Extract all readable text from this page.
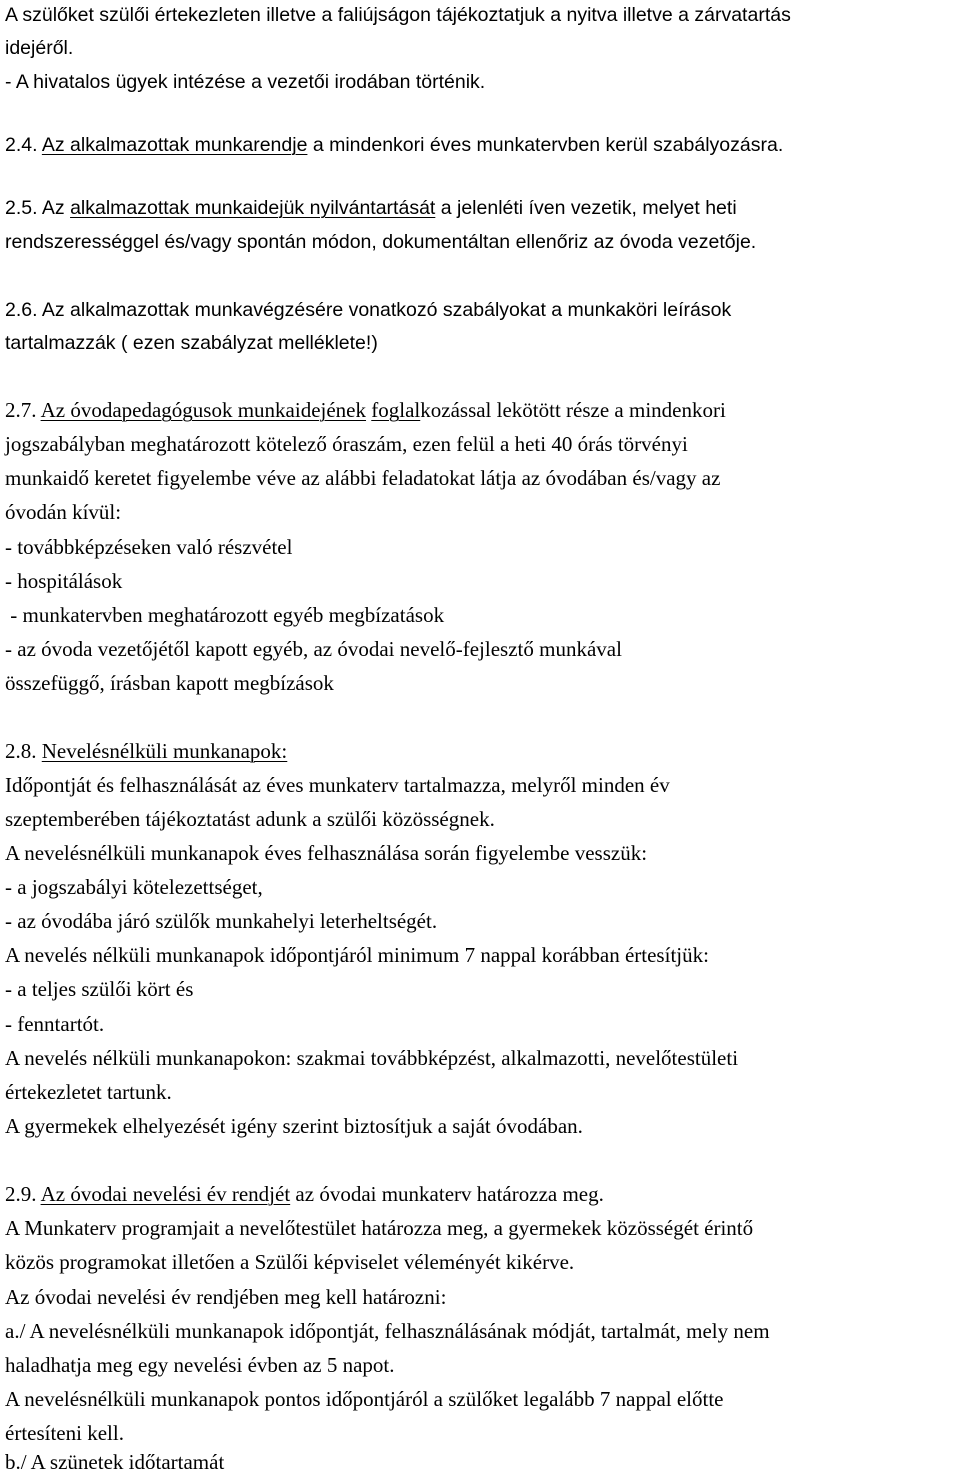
A szülőket szülői értekezleten illetve a faliújságon tájékoztatjuk a nyitva illetve a zárvatartás
idejéről.
- A hivatalos ügyek intézése a vezetői irodában történik.
2.4. Az alkalmazottak munkarendje a mindenkori éves munkatervben kerül szabályozásra.
2.5. Az alkalmazottak munkaidejük nyilvántartását a jelenléti íven vezetik, melyet heti
rendszerességgel és/vagy spontán módon, dokumentáltan ellenőriz az óvoda vezetője.
2.6. Az alkalmazottak munkavégzésére vonatkozó szabályokat a munkaköri leírások
tartalmazzák ( ezen szabályzat melléklete!)
2.7. Az óvodapedagógusok munkaidejének foglalkozással lekötött része a mindenkori
jogszabályban meghatározott kötelező óraszám, ezen felül a heti 40 órás törvényi
munkaidő keretet figyelembe véve az alábbi feladatokat látja az óvodában és/vagy az
óvodán kívül:
- továbbképzéseken való részvétel
- hospitálások
- munkatervben meghatározott egyéb megbízatások
- az óvoda vezetőjétől kapott egyéb, az óvodai nevelő-fejlesztő munkával
összefüggő, írásban kapott megbízások
2.8. Nevelésnélküli munkanapok:
Időpontját és felhasználását az éves munkaterv tartalmazza, melyről minden év
szeptemberében tájékoztatást adunk a szülői közösségnek.
A nevelésnélküli munkanapok éves felhasználása során figyelembe vesszük:
- a jogszabályi kötelezettséget,
- az óvodába járó szülők munkahelyi leterheltségét.
A nevelés nélküli munkanapok időpontjáról minimum 7 nappal korábban értesítjük:
- a teljes szülői kört és
- fenntartót.
A nevelés nélküli munkanapokon: szakmai továbbképzést, alkalmazotti, nevelőtestületi
értekezletet tartunk.
A gyermekek elhelyezését igény szerint biztosítjuk a saját óvodában.
2.9. Az óvodai nevelési év rendjét az óvodai munkaterv határozza meg.
A Munkaterv programjait a nevelőtestület határozza meg, a gyermekek közösségét érintő
közös programokat illetően a Szülői képviselet véleményét kikérve.
Az óvodai nevelési év rendjében meg kell határozni:
a./ A nevelésnélküli munkanapok időpontját, felhasználásának módját, tartalmát, mely nem
haladhatja meg egy nevelési évben az 5 napot.
A nevelésnélküli munkanapok pontos időpontjáról a szülőket legalább 7 nappal előtte
értesíteni kell.
b./ A szünetek időtartamát
